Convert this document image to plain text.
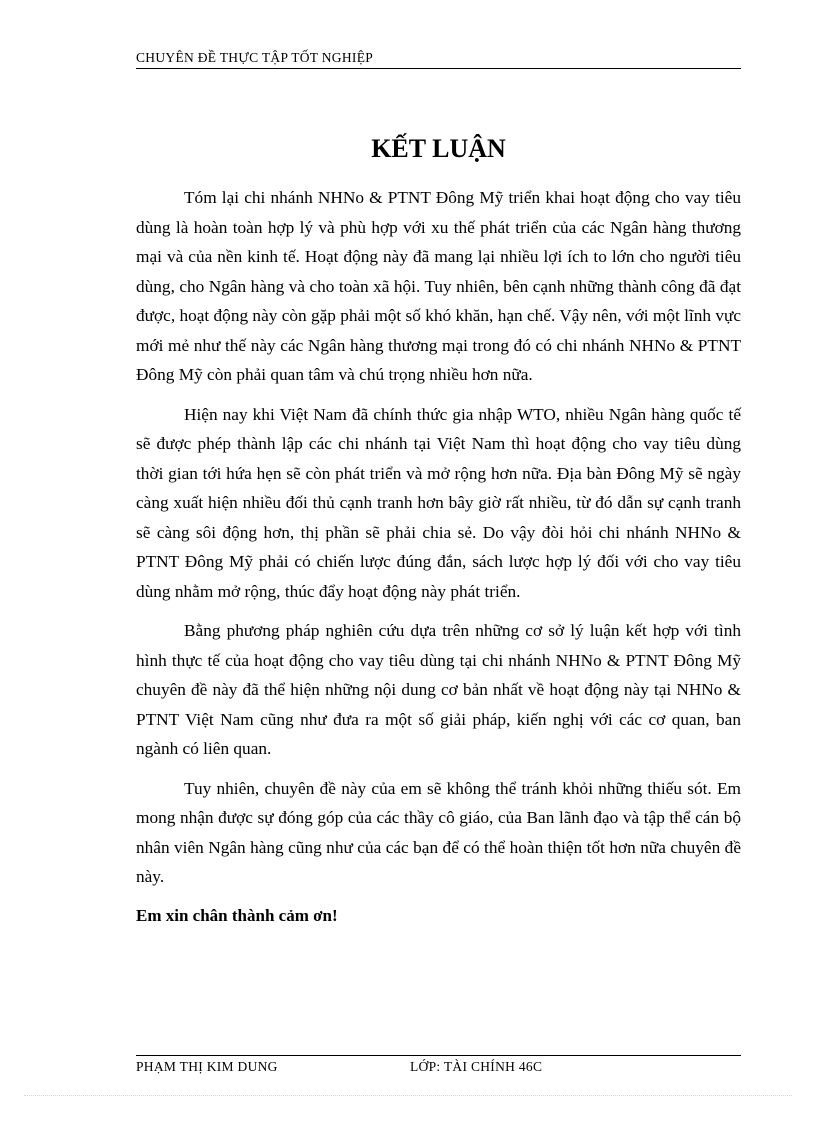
CHUYÊN ĐỀ THỰC TẬP TỐT NGHIỆP
KẾT LUẬN

Tóm lại chi nhánh NHNo & PTNT Đông Mỹ triển khai hoạt động cho vay tiêu dùng là hoàn toàn hợp lý và phù hợp với xu thế phát triển của các Ngân hàng thương mại và của nền kinh tế. Hoạt động này đã mang lại nhiều lợi ích to lớn cho người tiêu dùng, cho Ngân hàng và cho toàn xã hội. Tuy nhiên, bên cạnh những thành công đã đạt được, hoạt động này còn gặp phải một số khó khăn, hạn chế. Vậy nên, với một lĩnh vực mới mẻ như thế này các Ngân hàng thương mại trong đó có chi nhánh NHNo & PTNT Đông Mỹ còn phải quan tâm và chú trọng nhiều hơn nữa.

Hiện nay khi Việt Nam đã chính thức gia nhập WTO, nhiều Ngân hàng quốc tế sẽ được phép thành lập các chi nhánh tại Việt Nam thì hoạt động cho vay tiêu dùng thời gian tới hứa hẹn sẽ còn phát triển và mở rộng hơn nữa. Địa bàn Đông Mỹ sẽ ngày càng xuất hiện nhiều đối thủ cạnh tranh hơn bây giờ rất nhiều, từ đó dẫn sự cạnh tranh sẽ càng sôi động hơn, thị phần sẽ phải chia sẻ. Do vậy đòi hỏi chi nhánh NHNo & PTNT Đông Mỹ phải có chiến lược đúng đắn, sách lược hợp lý đối với cho vay tiêu dùng nhằm mở rộng, thúc đẩy hoạt động này phát triển.

Bằng phương pháp nghiên cứu dựa trên những cơ sở lý luận kết hợp với tình hình thực tế của hoạt động cho vay tiêu dùng tại chi nhánh NHNo & PTNT Đông Mỹ chuyên đề này đã thể hiện những nội dung cơ bản nhất về hoạt động này tại NHNo & PTNT Việt Nam cũng như đưa ra một số giải pháp, kiến nghị với các cơ quan, ban ngành có liên quan.

Tuy nhiên, chuyên đề này của em sẽ không thể tránh khỏi những thiếu sót. Em mong nhận được sự đóng góp của các thầy cô giáo, của Ban lãnh đạo và tập thể cán bộ nhân viên Ngân hàng cũng như của các bạn để có thể hoàn thiện tốt hơn nữa chuyên đề này.

Em xin chân thành cảm ơn!

PHẠM THỊ KIM DUNG	LỚP: TÀI CHÍNH 46C
